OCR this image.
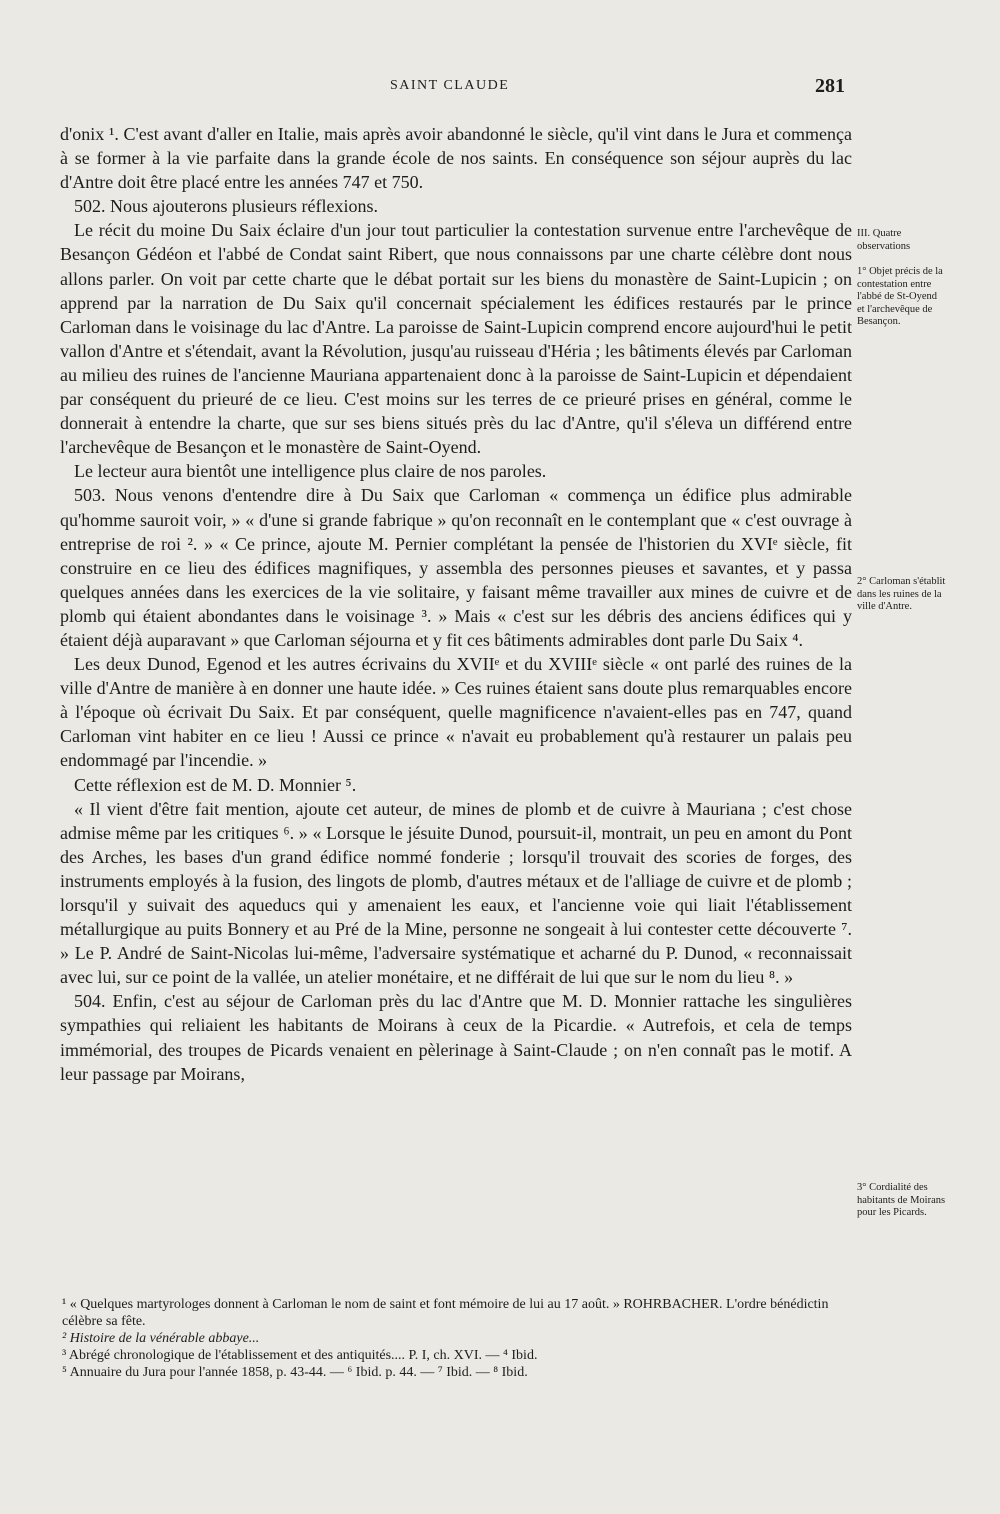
SAINT CLAUDE	281

d'onix ¹. C'est avant d'aller en Italie, mais après avoir abandonné le siècle, qu'il vint dans le Jura et commença à se former à la vie parfaite dans la grande école de nos saints. En conséquence son séjour auprès du lac d'Antre doit être placé entre les années 747 et 750.

502. Nous ajouterons plusieurs réflexions.

Le récit du moine Du Saix éclaire d'un jour tout particulier la contestation survenue entre l'archevêque de Besançon Gédéon et l'abbé de Condat saint Ribert, que nous connaissons par une charte célèbre dont nous allons parler. On voit par cette charte que le débat portait sur les biens du monastère de Saint-Lupicin ; on apprend par la narration de Du Saix qu'il concernait spécialement les édifices restaurés par le prince Carloman dans le voisinage du lac d'Antre. La paroisse de Saint-Lupicin comprend encore aujourd'hui le petit vallon d'Antre et s'étendait, avant la Révolution, jusqu'au ruisseau d'Héria ; les bâtiments élevés par Carloman au milieu des ruines de l'ancienne Mauriana appartenaient donc à la paroisse de Saint-Lupicin et dépendaient par conséquent du prieuré de ce lieu. C'est moins sur les terres de ce prieuré prises en général, comme le donnerait à entendre la charte, que sur ses biens situés près du lac d'Antre, qu'il s'éleva un différend entre l'archevêque de Besançon et le monastère de Saint-Oyend.

Le lecteur aura bientôt une intelligence plus claire de nos paroles.

503. Nous venons d'entendre dire à Du Saix que Carloman « commença un édifice plus admirable qu'homme sauroit voir, » « d'une si grande fabrique » qu'on reconnaît en le contemplant que « c'est ouvrage à entreprise de roi ². » « Ce prince, ajoute M. Pernier complétant la pensée de l'historien du XVIᵉ siècle, fit construire en ce lieu des édifices magnifiques, y assembla des personnes pieuses et savantes, et y passa quelques années dans les exercices de la vie solitaire, y faisant même travailler aux mines de cuivre et de plomb qui étaient abondantes dans le voisinage ³. » Mais « c'est sur les débris des anciens édifices qui y étaient déjà auparavant » que Carloman séjourna et y fit ces bâtiments admirables dont parle Du Saix ⁴.

Les deux Dunod, Egenod et les autres écrivains du XVIIᵉ et du XVIIIᵉ siècle « ont parlé des ruines de la ville d'Antre de manière à en donner une haute idée. » Ces ruines étaient sans doute plus remarquables encore à l'époque où écrivait Du Saix. Et par conséquent, quelle magnificence n'avaient-elles pas en 747, quand Carloman vint habiter en ce lieu ! Aussi ce prince « n'avait eu probablement qu'à restaurer un palais peu endommagé par l'incendie. »

Cette réflexion est de M. D. Monnier ⁵.

« Il vient d'être fait mention, ajoute cet auteur, de mines de plomb et de cuivre à Mauriana ; c'est chose admise même par les critiques ⁶. » « Lorsque le jésuite Dunod, poursuit-il, montrait, un peu en amont du Pont des Arches, les bases d'un grand édifice nommé fonderie ; lorsqu'il trouvait des scories de forges, des instruments employés à la fusion, des lingots de plomb, d'autres métaux et de l'alliage de cuivre et de plomb ; lorsqu'il y suivait des aqueducs qui y amenaient les eaux, et l'ancienne voie qui liait l'établissement métallurgique au puits Bonnery et au Pré de la Mine, personne ne songeait à lui contester cette découverte ⁷. » Le P. André de Saint-Nicolas lui-même, l'adversaire systématique et acharné du P. Dunod, « reconnaissait avec lui, sur ce point de la vallée, un atelier monétaire, et ne différait de lui que sur le nom du lieu ⁸. »

504. Enfin, c'est au séjour de Carloman près du lac d'Antre que M. D. Monnier rattache les singulières sympathies qui reliaient les habitants de Moirans à ceux de la Picardie. « Autrefois, et cela de temps immémorial, des troupes de Picards venaient en pèlerinage à Saint-Claude ; on n'en connaît pas le motif. A leur passage par Moirans,

III. Quatre observations
1° Objet précis de la contestation entre l'abbé de St-Oyend et l'archevêque de Besançon.
2° Carloman s'établit dans les ruines de la ville d'Antre.
3° Cordialité des habitants de Moirans pour les Picards.

¹ « Quelques martyrologes donnent à Carloman le nom de saint et font mémoire de lui au 17 août. » ROHRBACHER. L'ordre bénédictin célèbre sa fête.

² Histoire de la vénérable abbaye...

³ Abrégé chronologique de l'établissement et des antiquités.... P. I, ch. XVI. — ⁴ Ibid.

⁵ Annuaire du Jura pour l'année 1858, p. 43-44. — ⁶ Ibid. p. 44. — ⁷ Ibid. — ⁸ Ibid.
